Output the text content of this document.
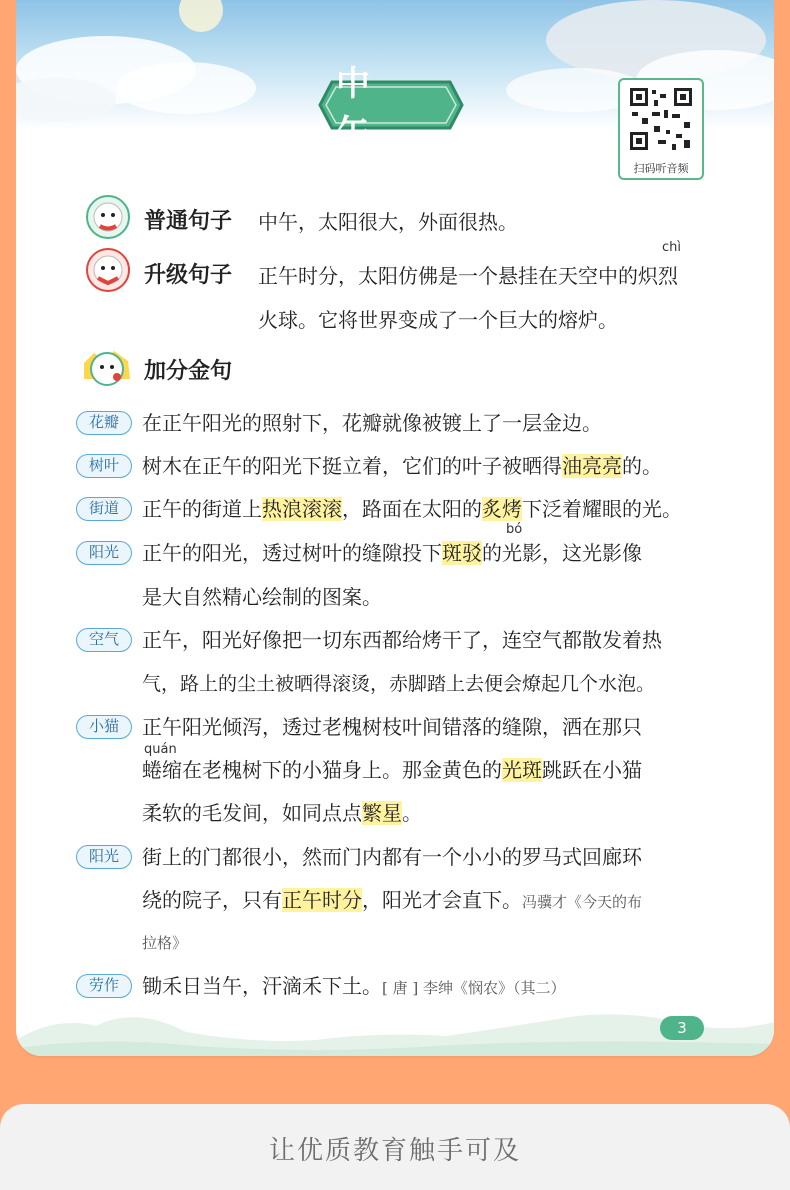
中 午
扫码听音频
普通句子 中午，太阳很大，外面很热。
升级句子
chì
正午时分，太阳仿佛是一个悬挂在天空中的炽烈
火球。它将世界变成了一个巨大的熔炉。
加分金句
花瓣	在正午阳光的照射下，花瓣就像被镀上了一层金边。
树叶	树木在正午的阳光下挺立着，它们的叶子被晒得油亮亮的。
街道	正午的街道上热浪滚滚，路面在太阳的炙烤下泛着耀眼的光。
阳光
bó
正午的阳光，透过树叶的缝隙投下斑驳的光影，这光影像
是大自然精心绘制的图案。
空气	正午，阳光好像把一切东西都给烤干了，连空气都散发着热
气，路上的尘土被晒得滚烫，赤脚踏上去便会燎起几个水泡。
小猫	正午阳光倾泻，透过老槐树枝叶间错落的缝隙，洒在那只
quán
蜷缩在老槐树下的小猫身上。那金黄色的光斑跳跃在小猫
柔软的毛发间，如同点点繁星。
阳光	街上的门都很小，然而门内都有一个小小的罗马式回廊环
绕的院子，只有正午时分，阳光才会直下。冯骥才《今天的布
拉格》
劳作	锄禾日当午，汗滴禾下土。[ 唐 ] 李绅《悯农》（其二）
3
让优质教育触手可及
